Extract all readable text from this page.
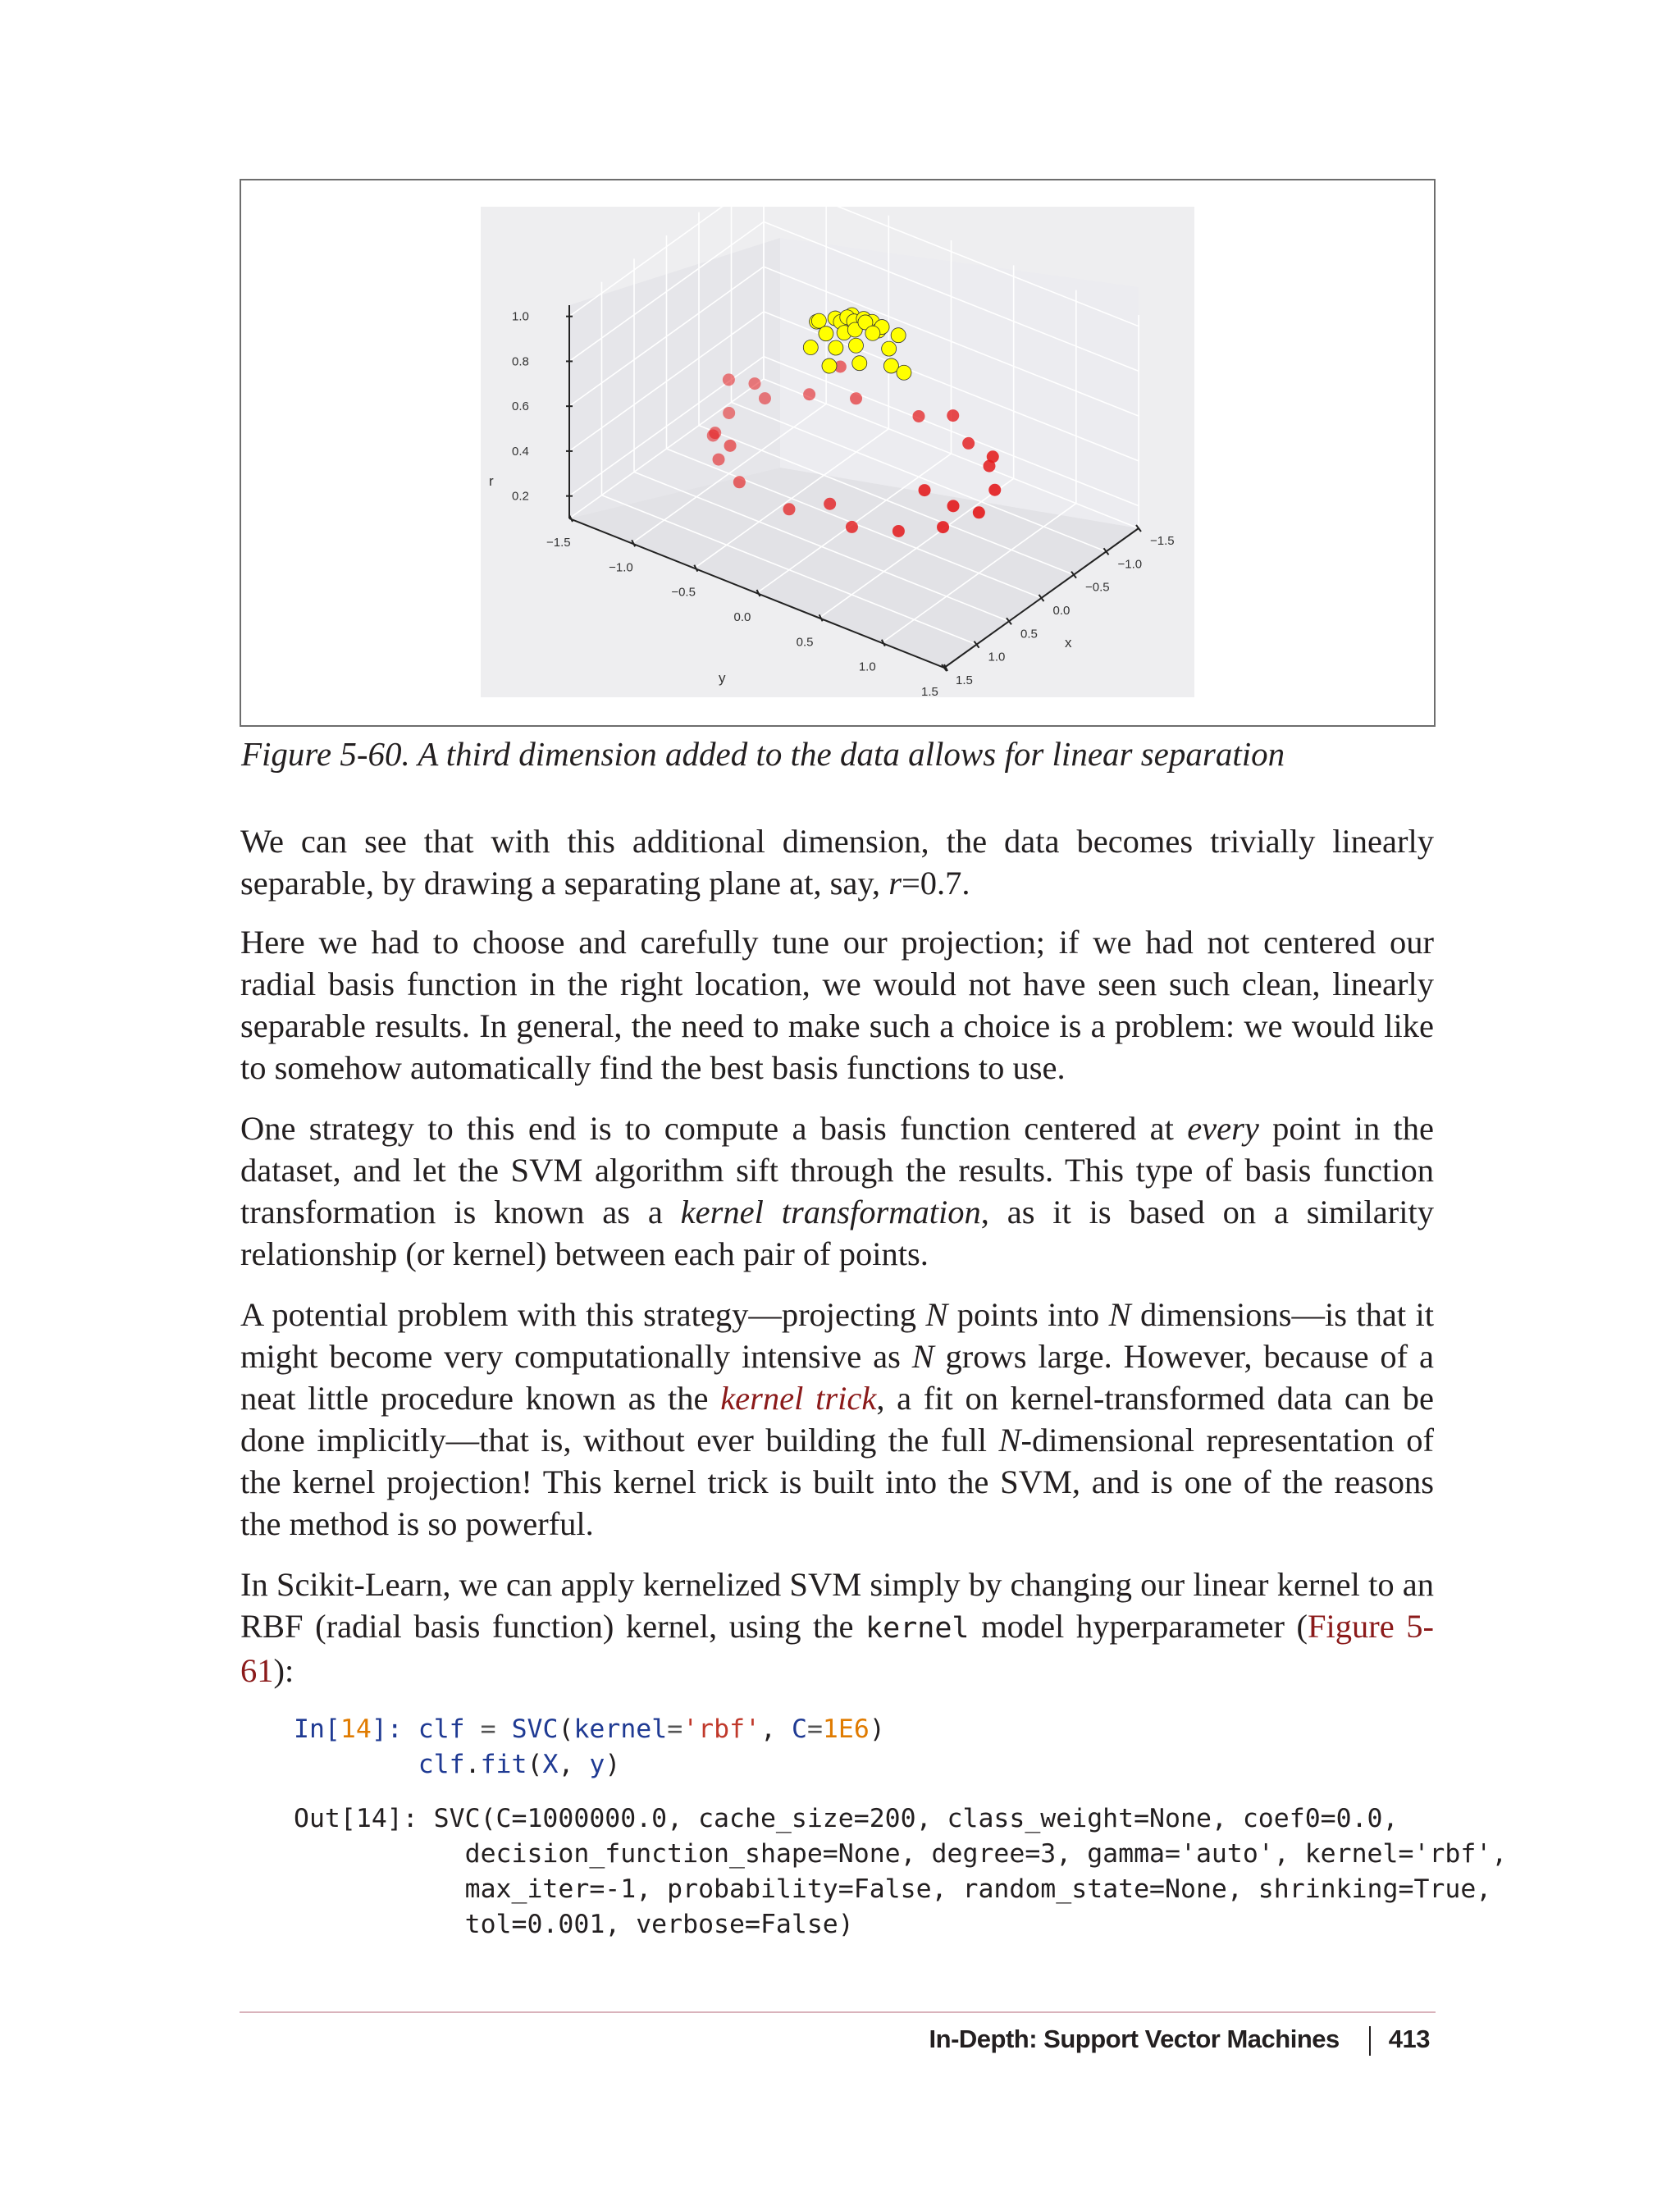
0.2
0.4
0.6
0.8
1.0
−1.5
−1.0
−0.5
0.0
0.5
1.0
1.5
−1.5
−1.0
−0.5
0.0
0.5
1.0
1.5
r
y
x
Figure 5-60. A third dimension added to the data allows for linear separation

We can see that with this additional dimension, the data becomes trivially linearly separable, by drawing a separating plane at, say, r=0.7.

Here we had to choose and carefully tune our projection; if we had not centered our radial basis function in the right location, we would not have seen such clean, linearly separable results. In general, the need to make such a choice is a problem: we would like to somehow automatically find the best basis functions to use.

One strategy to this end is to compute a basis function centered at every point in the dataset, and let the SVM algorithm sift through the results. This type of basis function transformation is known as a kernel transformation, as it is based on a similarity relationship (or kernel) between each pair of points.

A potential problem with this strategy—projecting N points into N dimensions—is that it might become very computationally intensive as N grows large. However, because of a neat little procedure known as the kernel trick, a fit on kernel-transformed data can be done implicitly—that is, without ever building the full N-dimensional representation of the kernel projection! This kernel trick is built into the SVM, and is one of the reasons the method is so powerful.

In Scikit-Learn, we can apply kernelized SVM simply by changing our linear kernel to an RBF (radial basis function) kernel, using the kernel model hyperparameter (Figure 5-61):

In[14]: clf = SVC(kernel='rbf', C=1E6)
clf.fit(X, y)
Out[14]: SVC(C=1000000.0, cache_size=200, class_weight=None, coef0=0.0,
decision_function_shape=None, degree=3, gamma='auto', kernel='rbf',
max_iter=-1, probability=False, random_state=None, shrinking=True,
tol=0.001, verbose=False)
In-Depth: Support Vector Machines 413
